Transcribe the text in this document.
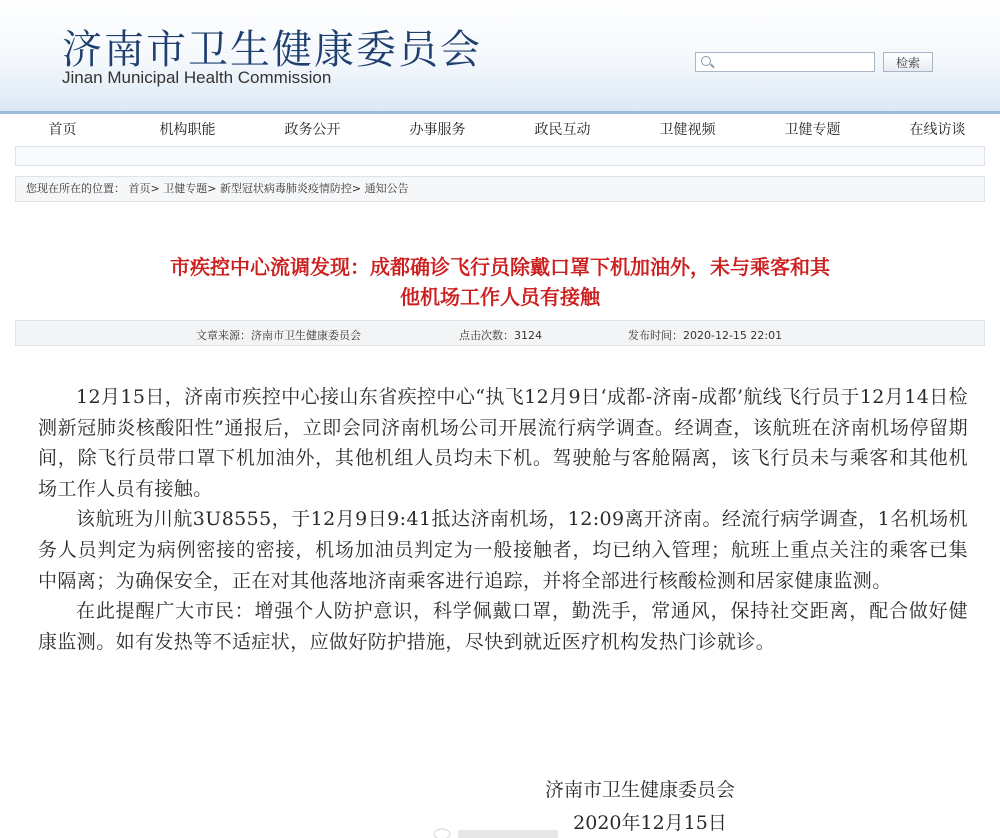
济南市卫生健康委员会
Jinan Municipal Health Commission
检索
首页	机构职能	政务公开	办事服务	政民互动	卫健视频	卫健专题	在线访谈
您现在所在的位置： 首页> 卫健专题> 新型冠状病毒肺炎疫情防控> 通知公告
市疾控中心流调发现：成都确诊飞行员除戴口罩下机加油外，未与乘客和其
他机场工作人员有接触
文章来源：济南市卫生健康委员会	点击次数：3124	发布时间：2020-12-15 22:01

12月15日，济南市疾控中心接山东省疾控中心“执飞12月9日‘成都-济南-成都’航线飞行员于12月14日检测新冠肺炎核酸阳性”通报后，立即会同济南机场公司开展流行病学调查。经调查，该航班在济南机场停留期间，除飞行员带口罩下机加油外，其他机组人员均未下机。驾驶舱与客舱隔离，该飞行员未与乘客和其他机场工作人员有接触。

该航班为川航3U8555，于12月9日9:41抵达济南机场，12:09离开济南。经流行病学调查，1名机场机务人员判定为病例密接的密接，机场加油员判定为一般接触者，均已纳入管理；航班上重点关注的乘客已集中隔离；为确保安全，正在对其他落地济南乘客进行追踪，并将全部进行核酸检测和居家健康监测。

在此提醒广大市民：增强个人防护意识，科学佩戴口罩，勤洗手，常通风，保持社交距离，配合做好健康监测。如有发热等不适症状，应做好防护措施，尽快到就近医疗机构发热门诊就诊。

济南市卫生健康委员会
2020年12月15日
